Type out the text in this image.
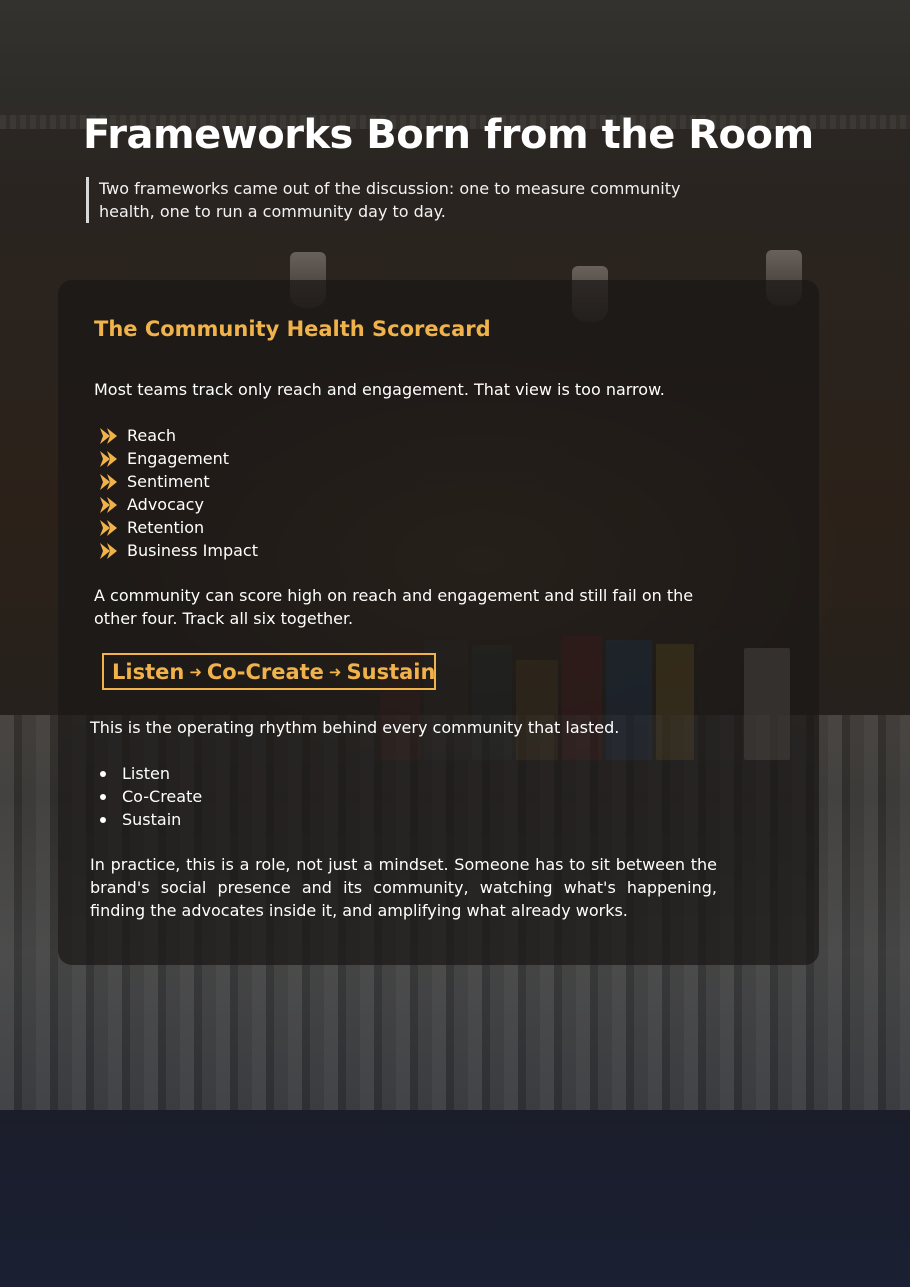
Frameworks Born from the Room

Two frameworks came out of the discussion: one to measure community health, one to run a community day to day.

The Community Health Scorecard

Most teams track only reach and engagement. That view is too narrow.

Reach
Engagement
Sentiment
Advocacy
Retention
Business Impact

A community can score high on reach and engagement and still fail on the other four. Track all six together.

Listen ➜ Co-Create ➜ Sustain

This is the operating rhythm behind every community that lasted.

Listen
Co-Create
Sustain

In practice, this is a role, not just a mindset. Someone has to sit between the brand's social presence and its community, watching what's happening, finding the advocates inside it, and amplifying what already works.
